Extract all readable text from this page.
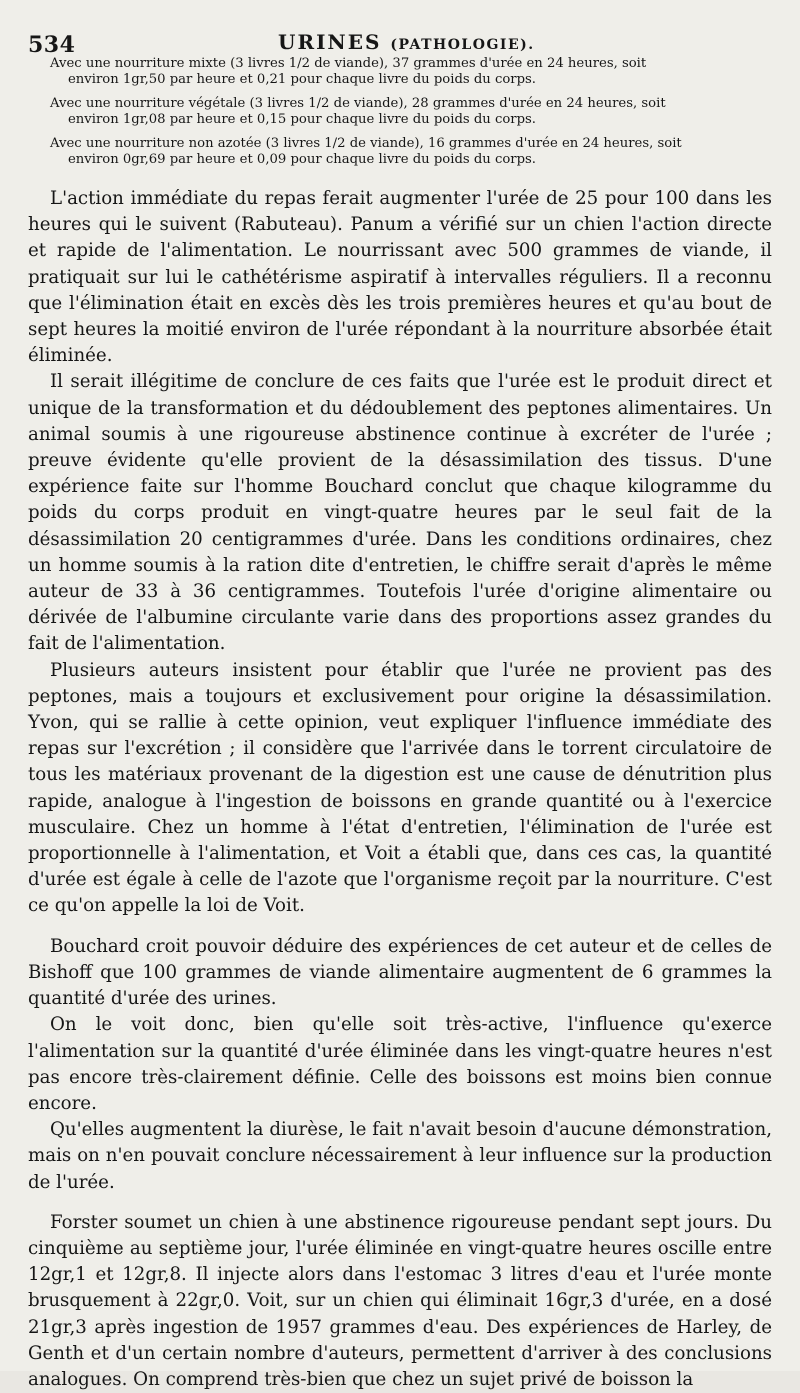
534	URINES (PATHOLOGIE).

Avec une nourriture mixte (3 livres 1/2 de viande), 37 grammes d'urée en 24 heures, soit
environ 1gr,50 par heure et 0,21 pour chaque livre du poids du corps.

Avec une nourriture végétale (3 livres 1/2 de viande), 28 grammes d'urée en 24 heures, soit
environ 1gr,08 par heure et 0,15 pour chaque livre du poids du corps.

Avec une nourriture non azotée (3 livres 1/2 de viande), 16 grammes d'urée en 24 heures, soit
environ 0gr,69 par heure et 0,09 pour chaque livre du poids du corps.

L'action immédiate du repas ferait augmenter l'urée de 25 pour 100 dans les heures qui le suivent (Rabuteau). Panum a vérifié sur un chien l'action directe et rapide de l'alimentation. Le nourrissant avec 500 grammes de viande, il pratiquait sur lui le cathétérisme aspiratif à intervalles réguliers. Il a reconnu que l'élimination était en excès dès les trois premières heures et qu'au bout de sept heures la moitié environ de l'urée répondant à la nourriture absorbée était éliminée.

Il serait illégitime de conclure de ces faits que l'urée est le produit direct et unique de la transformation et du dédoublement des peptones alimentaires. Un animal soumis à une rigoureuse abstinence continue à excréter de l'urée ; preuve évidente qu'elle provient de la désassimilation des tissus. D'une expérience faite sur l'homme Bouchard conclut que chaque kilogramme du poids du corps produit en vingt-quatre heures par le seul fait de la désassimilation 20 centigrammes d'urée. Dans les conditions ordinaires, chez un homme soumis à la ration dite d'entretien, le chiffre serait d'après le même auteur de 33 à 36 centigrammes. Toutefois l'urée d'origine alimentaire ou dérivée de l'albumine circulante varie dans des proportions assez grandes du fait de l'alimentation.

Plusieurs auteurs insistent pour établir que l'urée ne provient pas des peptones, mais a toujours et exclusivement pour origine la désassimilation. Yvon, qui se rallie à cette opinion, veut expliquer l'influence immédiate des repas sur l'excrétion ; il considère que l'arrivée dans le torrent circulatoire de tous les matériaux provenant de la digestion est une cause de dénutrition plus rapide, analogue à l'ingestion de boissons en grande quantité ou à l'exercice musculaire. Chez un homme à l'état d'entretien, l'élimination de l'urée est proportionnelle à l'alimentation, et Voit a établi que, dans ces cas, la quantité d'urée est égale à celle de l'azote que l'organisme reçoit par la nourriture. C'est ce qu'on appelle la loi de Voit.

Bouchard croit pouvoir déduire des expériences de cet auteur et de celles de Bishoff que 100 grammes de viande alimentaire augmentent de 6 grammes la quantité d'urée des urines.

On le voit donc, bien qu'elle soit très-active, l'influence qu'exerce l'alimentation sur la quantité d'urée éliminée dans les vingt-quatre heures n'est pas encore très-clairement définie. Celle des boissons est moins bien connue encore.

Qu'elles augmentent la diurèse, le fait n'avait besoin d'aucune démonstration, mais on n'en pouvait conclure nécessairement à leur influence sur la production de l'urée.

Forster soumet un chien à une abstinence rigoureuse pendant sept jours. Du cinquième au septième jour, l'urée éliminée en vingt-quatre heures oscille entre 12gr,1 et 12gr,8. Il injecte alors dans l'estomac 3 litres d'eau et l'urée monte brusquement à 22gr,0. Voit, sur un chien qui éliminait 16gr,3 d'urée, en a dosé 21gr,3 après ingestion de 1957 grammes d'eau. Des expériences de Harley, de Genth et d'un certain nombre d'auteurs, permettent d'arriver à des conclusions analogues. On comprend très-bien que chez un sujet privé de boisson la
